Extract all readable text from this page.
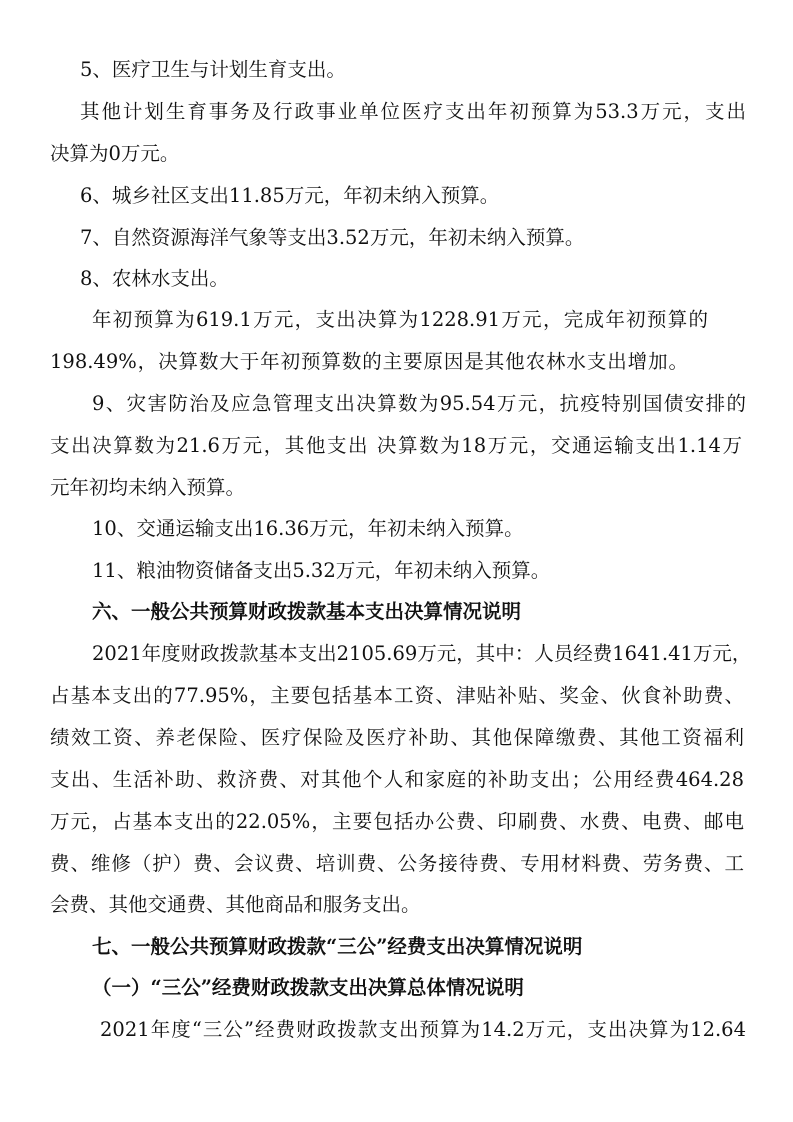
5、医疗卫生与计划生育支出。
其他计划生育事务及行政事业单位医疗支出年初预算为53.3万元，支出
决算为0万元。
6、城乡社区支出11.85万元，年初未纳入预算。
7、自然资源海洋气象等支出3.52万元，年初未纳入预算。
8、农林水支出。
年初预算为619.1万元，支出决算为1228.91万元，完成年初预算的
198.49%，决算数大于年初预算数的主要原因是其他农林水支出增加。
9、灾害防治及应急管理支出决算数为95.54万元，抗疫特别国债安排的
支出决算数为21.6万元，其他支出 决算数为18万元，交通运输支出1.14万
元年初均未纳入预算。
10、交通运输支出16.36万元，年初未纳入预算。
11、粮油物资储备支出5.32万元，年初未纳入预算。
六、一般公共预算财政拨款基本支出决算情况说明
2021年度财政拨款基本支出2105.69万元，其中：人员经费1641.41万元，
占基本支出的77.95%，主要包括基本工资、津贴补贴、奖金、伙食补助费、
绩效工资、养老保险、医疗保险及医疗补助、其他保障缴费、其他工资福利
支出、生活补助、救济费、对其他个人和家庭的补助支出；公用经费464.28
万元，占基本支出的22.05%，主要包括办公费、印刷费、水费、电费、邮电
费、维修（护）费、会议费、培训费、公务接待费、专用材料费、劳务费、工
会费、其他交通费、其他商品和服务支出。
七、一般公共预算财政拨款“三公”经费支出决算情况说明
（一）“三公”经费财政拨款支出决算总体情况说明
2021年度“三公”经费财政拨款支出预算为14.2万元，支出决算为12.64
